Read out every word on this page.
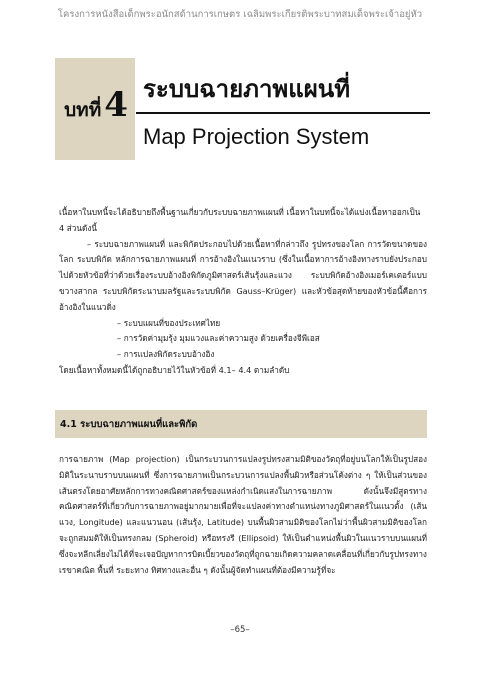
โครงการหนังสือเด็กพระอนักสด้านการเกษตร เฉลิมพระเกียรติพระบาทสมเด็จพระเจ้าอยู่หัว
บทที่ 4 ระบบฉายภาพแผนที่
Map Projection System

เนื้อหาในบทนี้จะได้อธิบายถึงพื้นฐานเกี่ยวกับระบบฉายภาพแผนที่ เนื้อหาในบทนี้จะได้แบ่งเนื้อหาออกเป็น 4 ส่วนดังนี้

– ระบบฉายภาพแผนที่ และพิกัดประกอบไปด้วยเนื้อหาที่กล่าวถึง รูปทรงของโลก การวัดขนาดของโลก ระบบพิกัด หลักการฉายภาพแผนที่ การอ้างอิงในแนวราบ (ซึ่งในเนื้อหาการอ้างอิงทางราบยังประกอบไปด้วยหัวข้อที่ว่าด้วยเรื่องระบบอ้างอิงพิกัดภูมิศาสตร์เส้นรุ้งและแวง ระบบพิกัดอ้างอิงเมอร์เคเตอร์แบบขวางสากล ระบบพิกัดระนาบมลรัฐและระบบพิกัด Gauss–Krüger) และหัวข้อสุดท้ายของหัวข้อนี้คือการอ้างอิงในแนวดิ่ง

– ระบบแผนที่ของประเทศไทย
– การวัดค่ามุมรุ้ง มุมแวงและค่าความสูง ด้วยเครื่องจีพีเอส
– การแปลงพิกัดระบบอ้างอิง

โดยเนื้อหาทั้งหมดนี้ได้ถูกอธิบายไว้ในหัวข้อที่ 4.1– 4.4 ตามลำดับ

4.1 ระบบฉายภาพแผนที่และพิกัด

การฉายภาพ (Map projection) เป็นกระบวนการแปลงรูปทรงสามมิติของวัตถุที่อยู่บนโลกให้เป็นรูปสองมิติในระนาบราบบนแผนที่ ซึ่งการฉายภาพเป็นกระบวนการแปลงพื้นผิวหรือส่วนโค้งต่าง ๆ ให้เป็นส่วนของเส้นตรงโดยอาศัยหลักการทางคณิตศาสตร์ของแหล่งกำเนิดแสงในการฉายภาพ ดังนั้นจึงมีสูตรทางคณิตศาสตร์ที่เกี่ยวกับการฉายภาพอยู่มากมายเพื่อที่จะแปลงค่าทางตำแหน่งทางภูมิศาสตร์ในแนวตั้ง (เส้นแวง, Longitude) และแนวนอน (เส้นรุ้ง, Latitude) บนพื้นผิวสามมิติของโลกไม่ว่าพื้นผิวสามมิติของโลกจะถูกสมมติให้เป็นทรงกลม (Spheroid) หรือทรงรี (Ellipsoid) ให้เป็นตำแหน่งพื้นผิวในแนวราบบนแผนที่ซึ่งจะหลีกเลี่ยงไม่ได้ที่จะเจอปัญหาการบิดเบี้ยวของวัตถุที่ถูกฉายเกิดความคลาดเคลื่อนที่เกี่ยวกับรูปทรงทางเรขาคณิต พื้นที่ ระยะทาง ทิศทางและอื่น ๆ ดังนั้นผู้จัดทำแผนที่ต้องมีความรู้ที่จะ

–65–
